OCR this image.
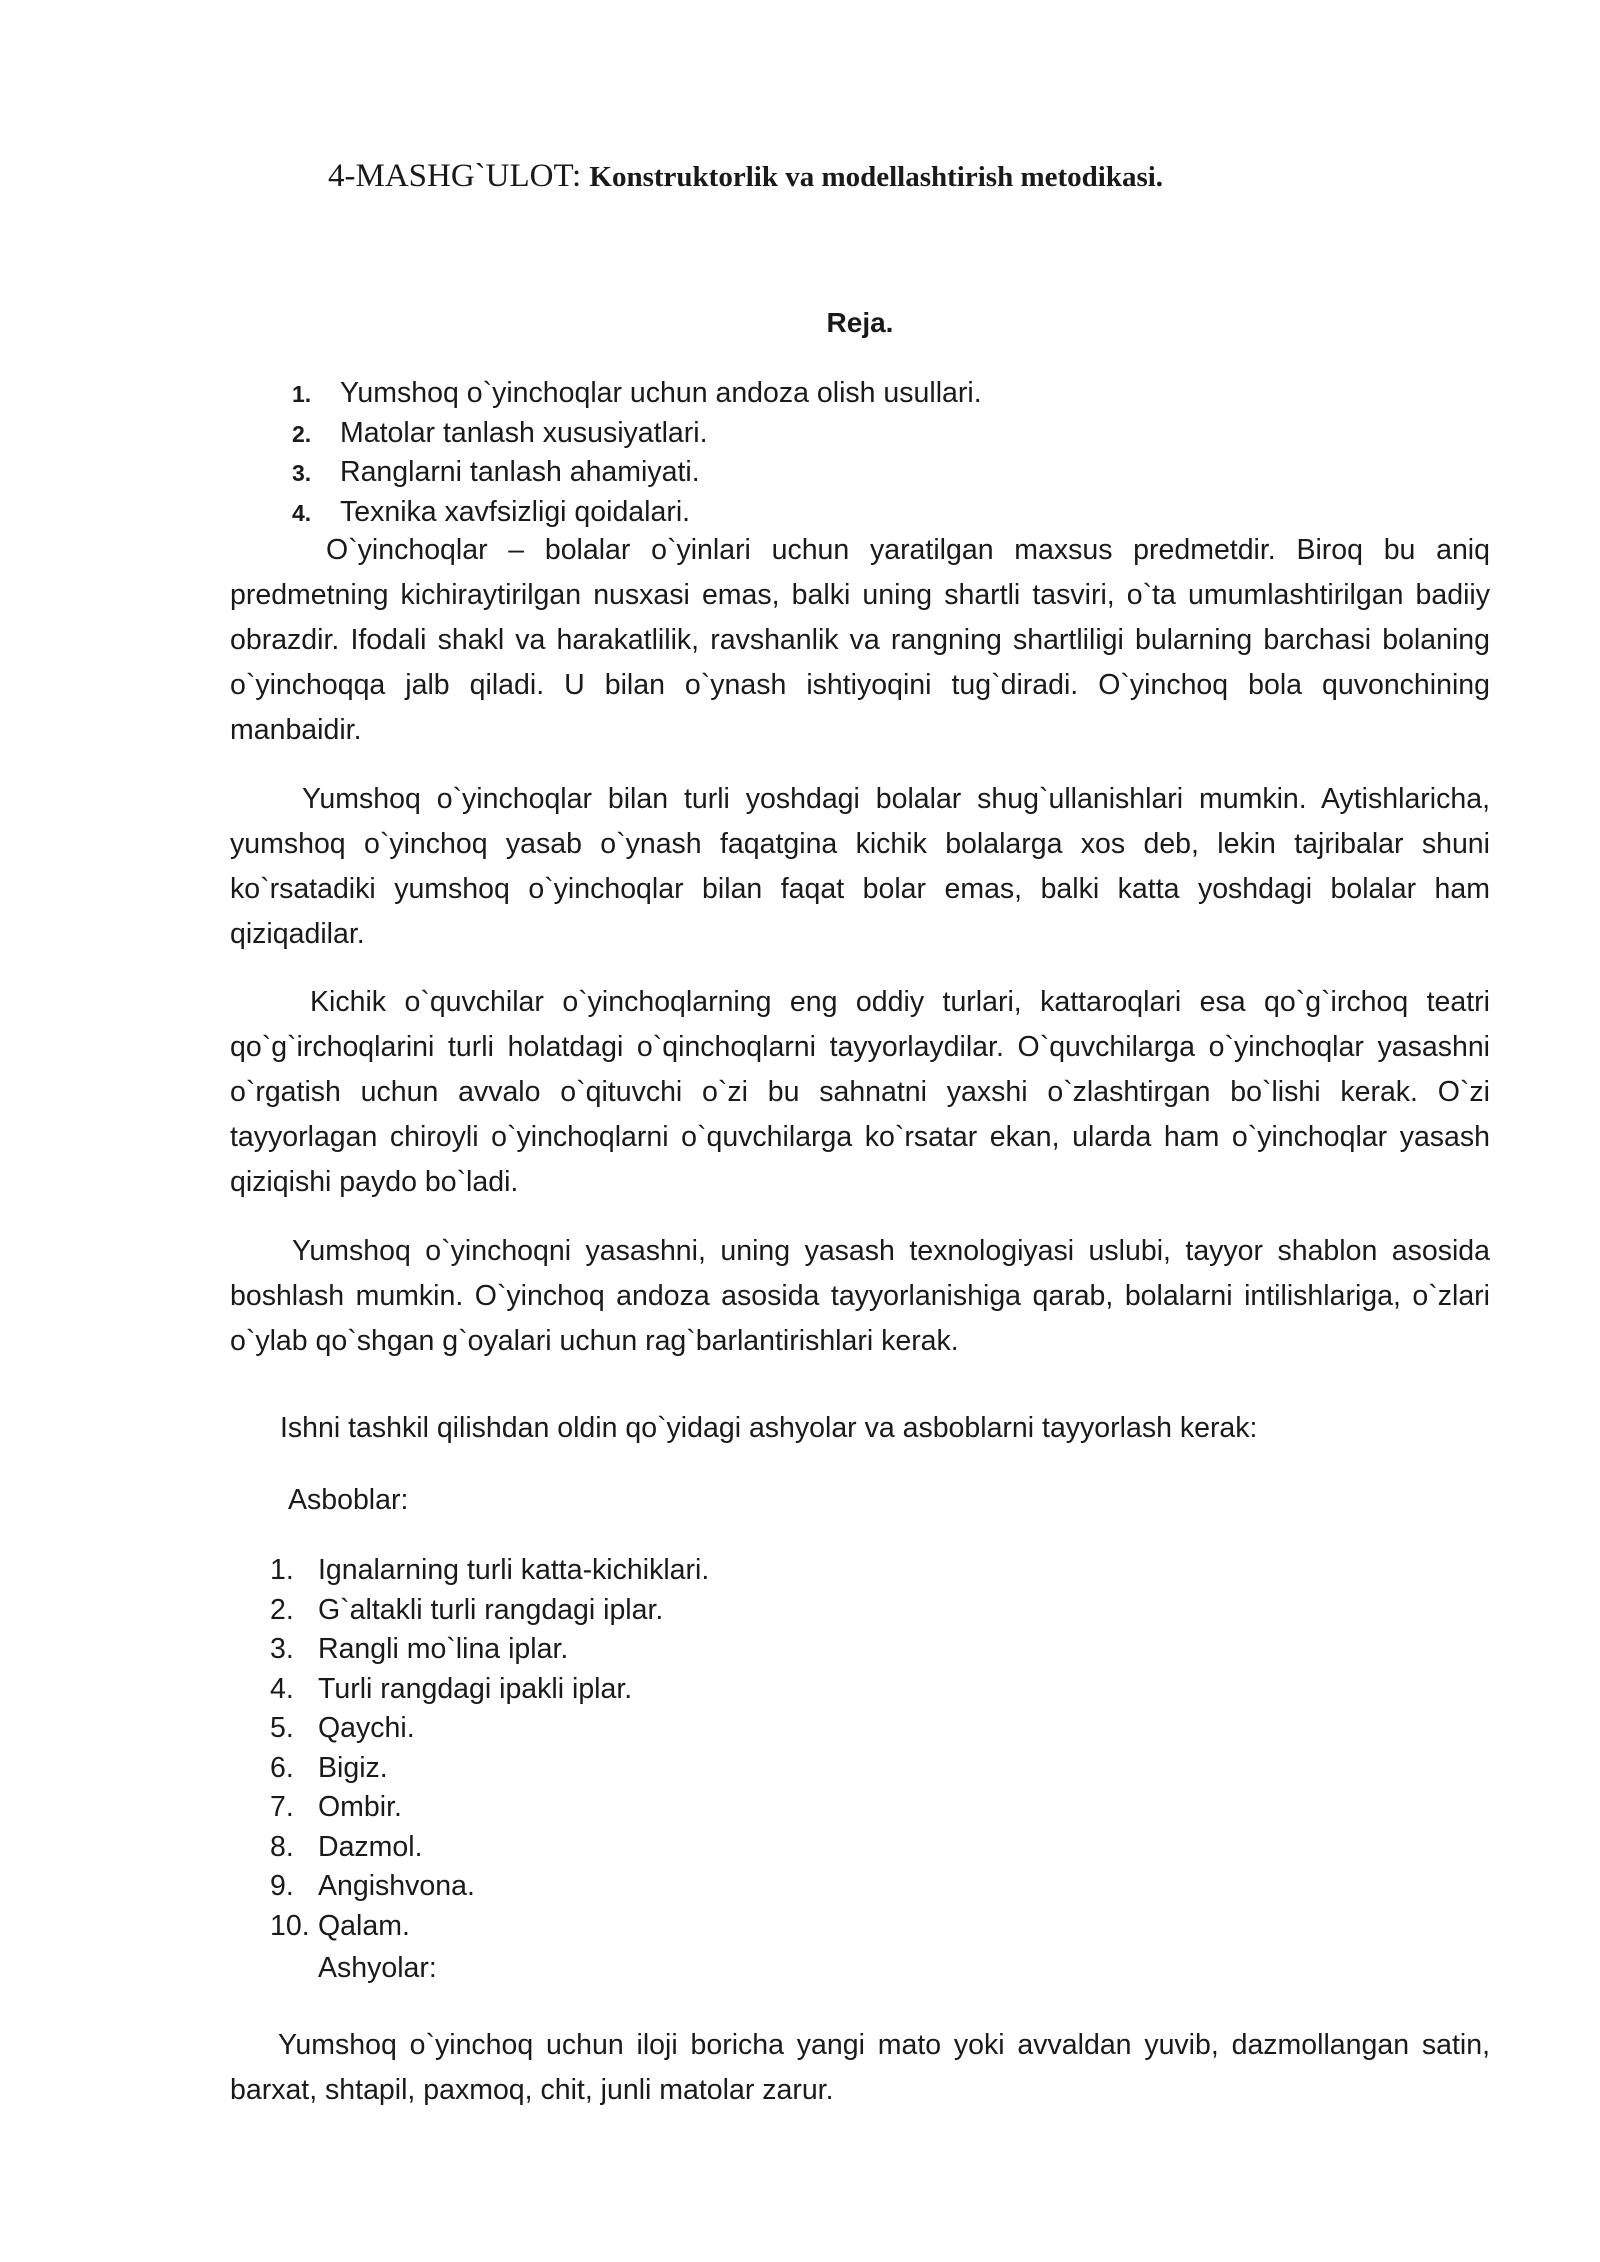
4-MASHG`ULOT: Konstruktorlik va modellashtirish metodikasi.
Reja.
1. Yumshoq o`yinchoqlar uchun andoza olish usullari.
2. Matolar tanlash xususiyatlari.
3. Ranglarni tanlash ahamiyati.
4. Texnika xavfsizligi qoidalari.

O`yinchoqlar – bolalar o`yinlari uchun yaratilgan maxsus predmetdir. Biroq bu aniq predmetning kichiraytirilgan nusxasi emas, balki uning shartli tasviri, o`ta umumlashtirilgan badiiy obrazdir. Ifodali shakl va harakatlilik, ravshanlik va rangning shartliligi bularning barchasi bolaning o`yinchoqqa jalb qiladi. U bilan o`ynash ishtiyoqini tug`diradi. O`yinchoq bola quvonchining manbaidir.

Yumshoq o`yinchoqlar bilan turli yoshdagi bolalar shug`ullanishlari mumkin. Aytishlaricha, yumshoq o`yinchoq yasab o`ynash faqatgina kichik bolalarga xos deb, lekin tajribalar shuni ko`rsatadiki yumshoq o`yinchoqlar bilan faqat bolar emas, balki katta yoshdagi bolalar ham qiziqadilar.

Kichik o`quvchilar o`yinchoqlarning eng oddiy turlari, kattaroqlari esa qo`g`irchoq teatri qo`g`irchoqlarini turli holatdagi o`qinchoqlarni tayyorlaydilar. O`quvchilarga o`yinchoqlar yasashni o`rgatish uchun avvalo o`qituvchi o`zi bu sahnatni yaxshi o`zlashtirgan bo`lishi kerak. O`zi tayyorlagan chiroyli o`yinchoqlarni o`quvchilarga ko`rsatar ekan, ularda ham o`yinchoqlar yasash qiziqishi paydo bo`ladi.

Yumshoq o`yinchoqni yasashni, uning yasash texnologiyasi uslubi, tayyor shablon asosida boshlash mumkin. O`yinchoq andoza asosida tayyorlanishiga qarab, bolalarni intilishlariga, o`zlari o`ylab qo`shgan g`oyalari uchun rag`barlantirishlari kerak.

Ishni tashkil qilishdan oldin qo`yidagi ashyolar va asboblarni tayyorlash kerak:
Asboblar:
1. Ignalarning turli katta-kichiklari.
2. G`altakli turli rangdagi iplar.
3. Rangli mo`lina iplar.
4. Turli rangdagi ipakli iplar.
5. Qaychi.
6. Bigiz.
7. Ombir.
8. Dazmol.
9. Angishvona.
10. Qalam.
Ashyolar:

Yumshoq o`yinchoq uchun iloji boricha yangi mato yoki avvaldan yuvib, dazmollangan satin, barxat, shtapil, paxmoq, chit, junli matolar zarur.
